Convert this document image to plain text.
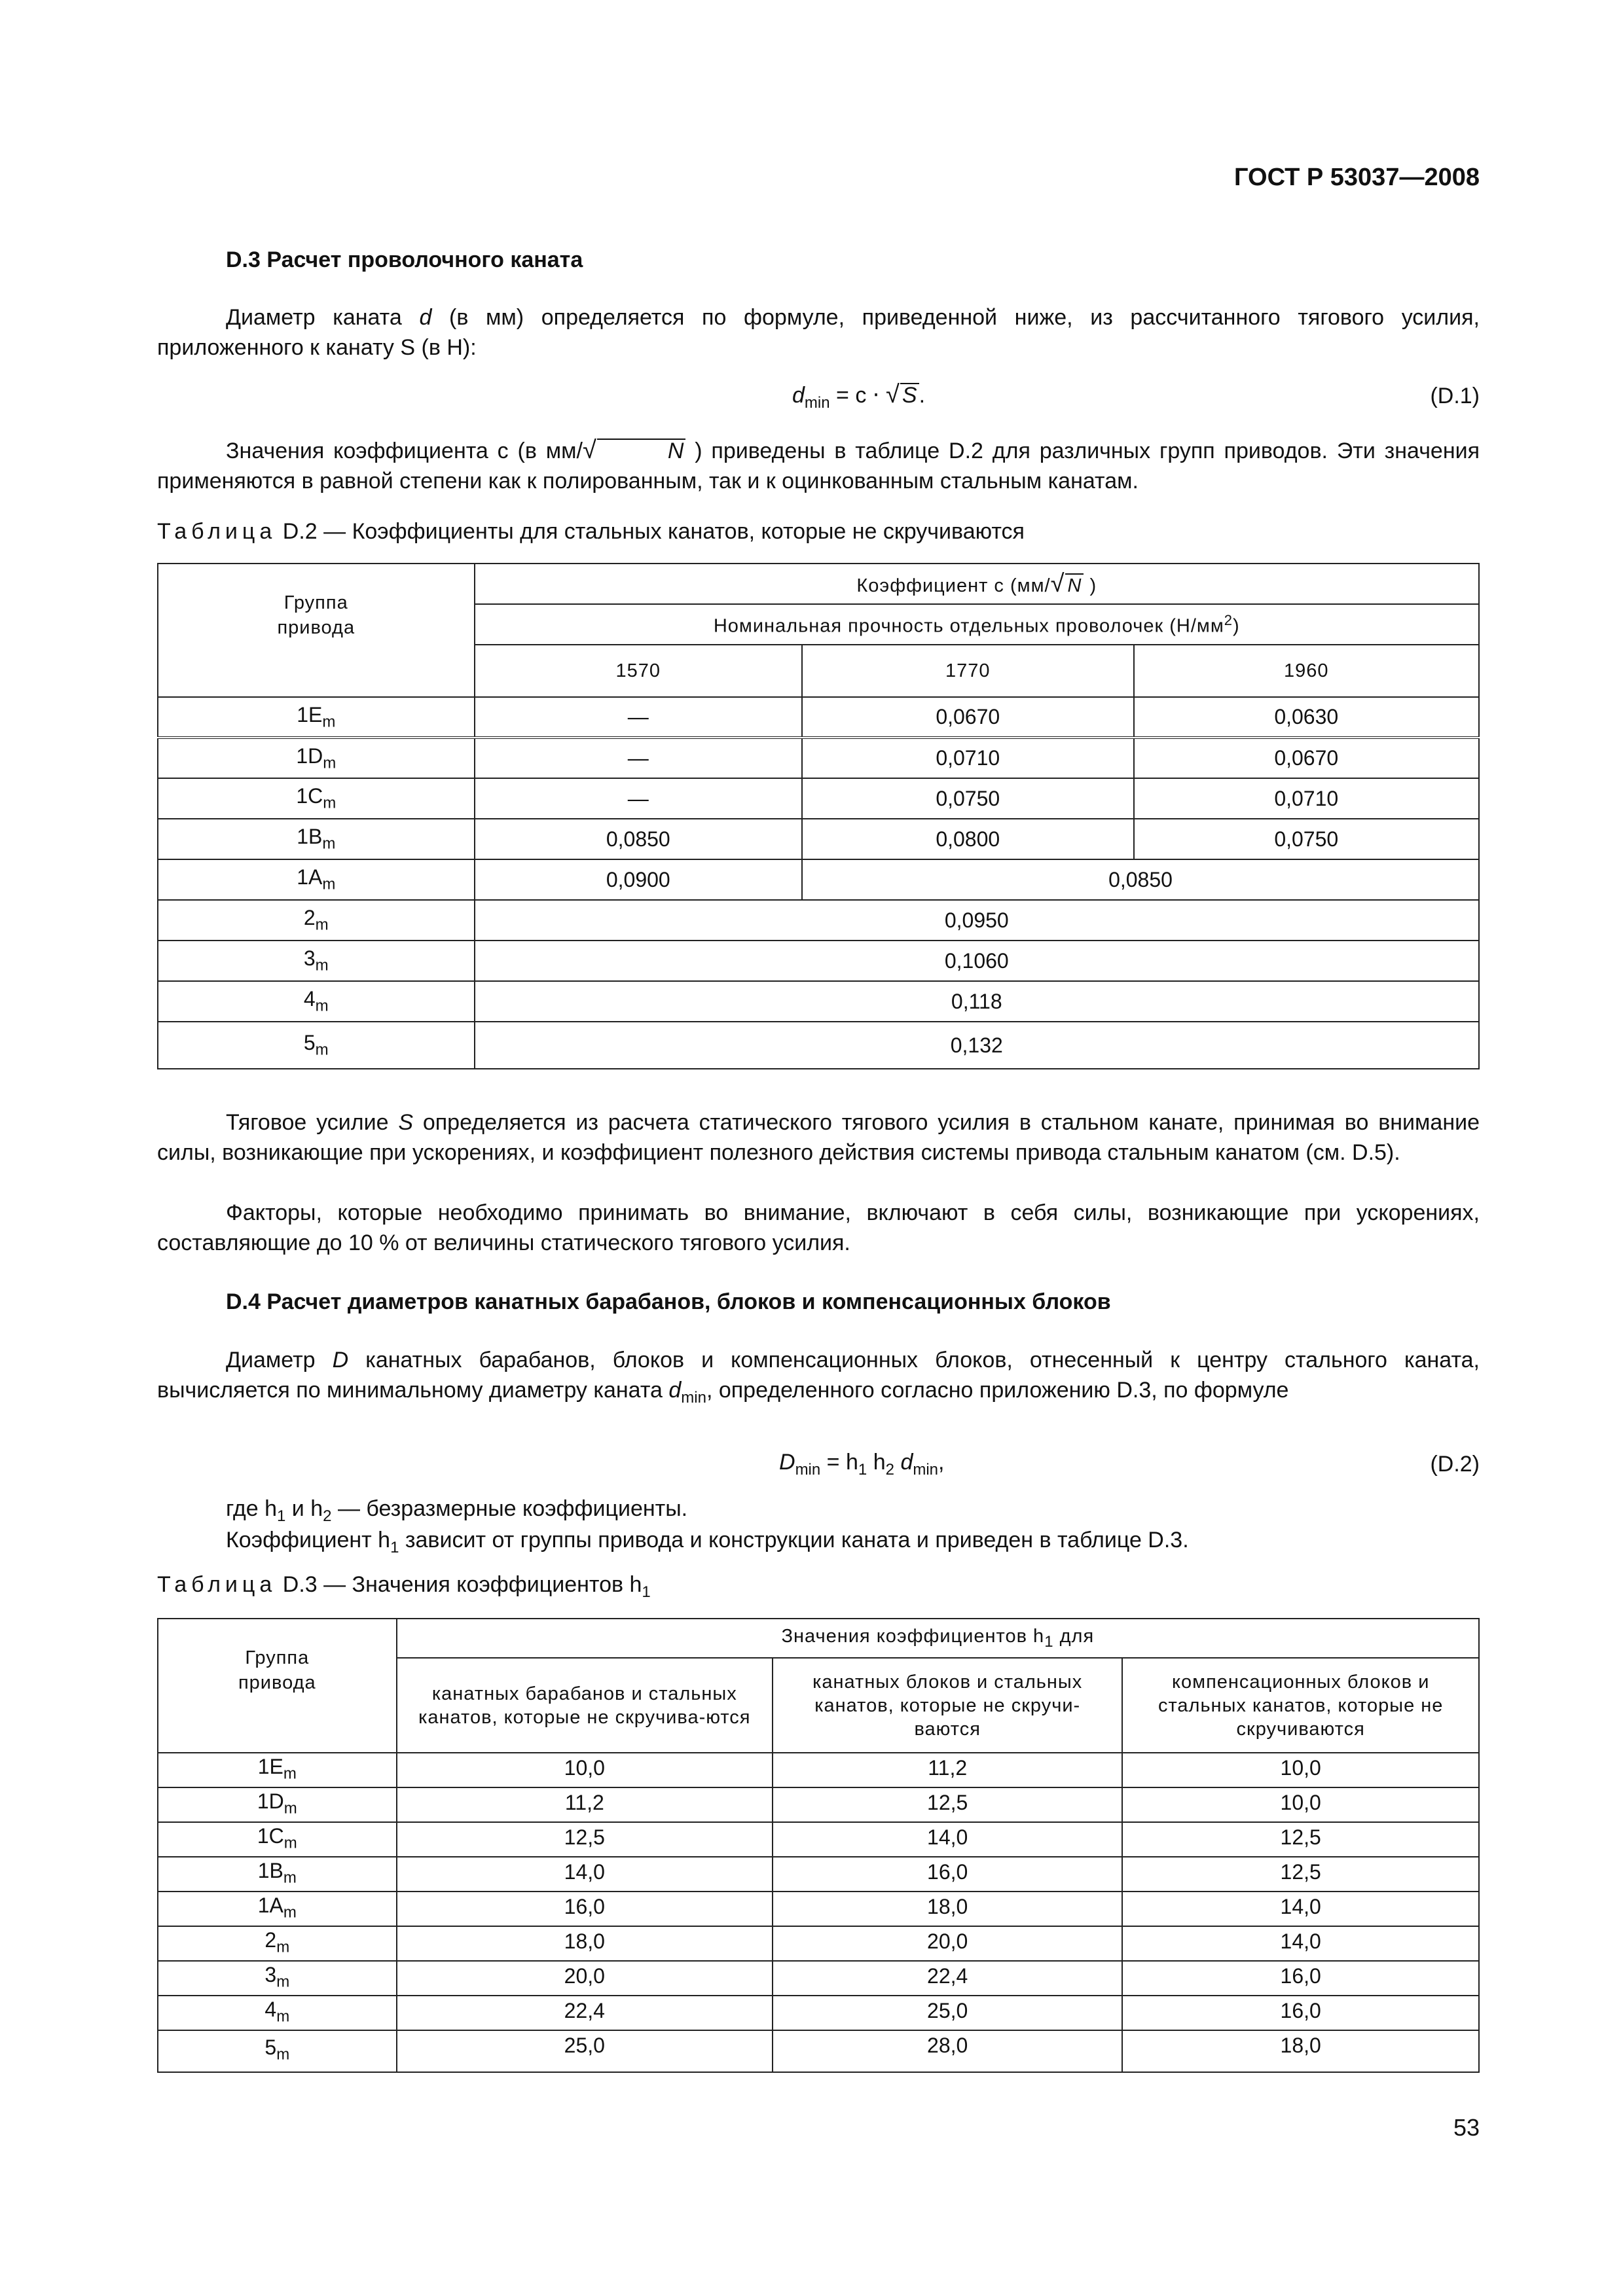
ГОСТ Р 53037—2008
D.3 Расчет проволочного каната
Диаметр каната d (в мм) определяется по формуле, приведенной ниже, из рассчитанного тягового усилия, приложенного к канату S (в Н):
$d_{min} = c$ ⋅ √ S.	(D.1)
Значения коэффициента c (в мм/√	N ) приведены в таблице D.2 для различных групп приводов. Эти значения применяются в равной степени как к полированным, так и к оцинкованным стальным канатам.
Таблица D.2 — Коэффициенты для стальных канатов, которые не скручиваются
Группа
привода	Коэффициент с (мм/√ N )		
	Номинальная прочность отдельных проволочек $(Н/мм^2)$		
	1570	1770	1960
$1E_m$	—	0,0670	0,0630
$1D_m$	—	0,0710	0,0670
$1C_m$	—	0,0750	0,0710
$1B_m$	0,0850	0,0800	0,0750
$1A_m$	0,0900	0,0850	
$2_m$	0,0950		
$3_m$	0,1060		
$4_m$	0,118		
$5_m$	0,132		
Тяговое усилие S определяется из расчета статического тягового усилия в стальном канате, принимая во внимание силы, возникающие при ускорениях, и коэффициент полезного действия системы привода стальным канатом (см. D.5).
Факторы, которые необходимо принимать во внимание, включают в себя силы, возникающие при ускорениях, составляющие до 10 % от величины статического тягового усилия.
D.4 Расчет диаметров канатных барабанов, блоков и компенсационных блоков
Диаметр D канатных барабанов, блоков и компенсационных блоков, отнесенный к центру стального каната, вычисляется по минимальному диаметру каната $d_{min}$, определенного согласно приложению D.3, по формуле
$D_{min} = h_1$ $h_2$ $d_{min}$,	(D.2)
где $h_1$ и $h_2$ — безразмерные коэффициенты.
Коэффициент $h_1$ зависит от группы привода и конструкции каната и приведен в таблице D.3.
Таблица D.3 — Значения коэффициентов $h_1$
Группа
привода	Значения коэффициентов $h_1$ для		
	канатных барабанов и стальных канатов, которые не скручива-ются	канатных блоков и стальных канатов, которые не скручи-ваются	компенсационных блоков и стальных канатов, которые не скручиваются
$1E_m$	10,0	11,2	10,0
$1D_m$	11,2	12,5	10,0
$1C_m$	12,5	14,0	12,5
$1B_m$	14,0	16,0	12,5
$1A_m$	16,0	18,0	14,0
$2_m$	18,0	20,0	14,0
$3_m$	20,0	22,4	16,0
$4_m$	22,4	25,0	16,0
$5_m$	25,0	28,0	18,0
53
